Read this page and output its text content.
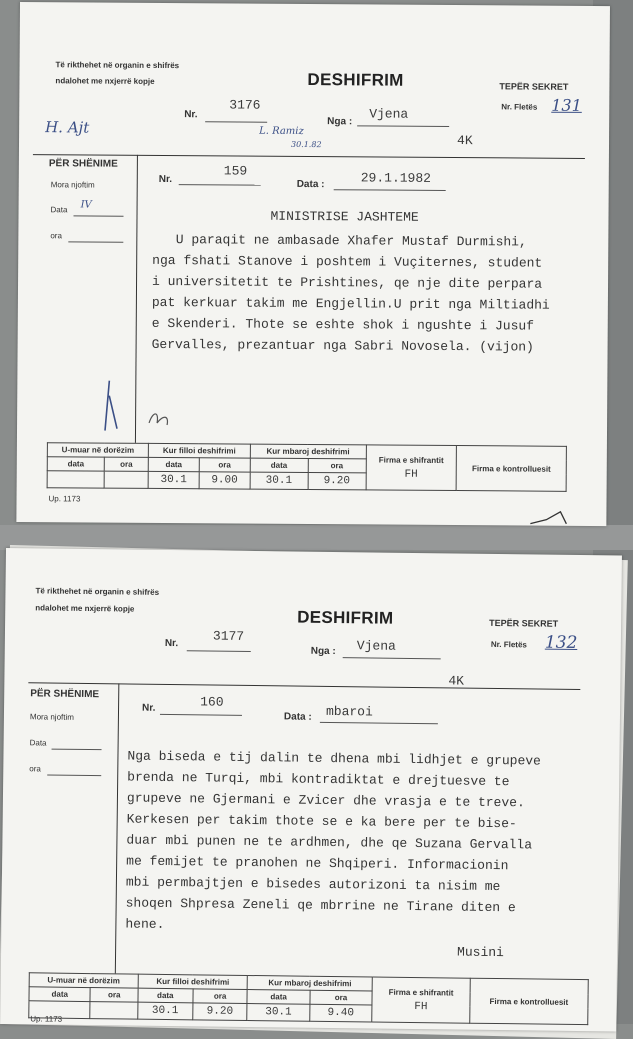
Të rikthehet në organin e shifrës
ndalohet me nxjerrë kopje	DESHIFRIM	TEPËR SEKRET
Nr.
3176
Nga :
Vjena
4K
Nr. Fletës 131
H. Ajt	L. Ramiz
30.1.82
PËR SHËNIME
Mora njoftim
Data IV
ora
Nr.
159
Data :	29.1.1982
MINISTRISE JASHTEME
U paraqit ne ambasade Xhafer Mustaf Durmishi,
nga fshati Stanove i poshtem i Vuçiternes, student
i universitetit te Prishtines, qe nje dite perpara
pat kerkuar takim me Engjellin.U prit nga Miltiadhi
e Skenderi. Thote se eshte shok i ngushte i Jusuf
Gervalles, prezantuar nga Sabri Novosela. (vijon)
U-muar në dorëzim		Kur filloi deshifrimi		Kur mbaroj deshifrimi		Firma e shifrantit
FH	Firma e kontrolluesit
data	ora	data	ora	data	ora		
		30.1	9.00	30.1	9.20		
Up. 1173
Të rikthehet në organin e shifrës
ndalohet me nxjerrë kopje	DESHIFRIM	TEPËR SEKRET
Nr.	3177
Nga : Vjena
4K
Nr. Fletës 132
PËR SHËNIME
Mora njoftim
Data
ora
Nr.	160
Data : mbaroi
Nga biseda e tij dalin te dhena mbi lidhjet e grupeve
brenda ne Turqi, mbi kontradiktat e drejtuesve te
grupeve ne Gjermani e Zvicer dhe vrasja e te treve.
Kerkesen per takim thote se e ka bere per te bise-
duar mbi punen ne te ardhmen, dhe qe Suzana Gervalla
me femijet te pranohen ne Shqiperi. Informacionin
mbi permbajtjen e bisedes autorizoni ta nisim me
shoqen Shpresa Zeneli qe mbrrine ne Tirane diten e
hene.
Musini
U-muar në dorëzim		Kur filloi deshifrimi		Kur mbaroj deshifrimi		Firma e shifrantit
FH	Firma e kontrolluesit
data	ora	data	ora	data	ora		
		30.1	9.20	30.1	9.40		
Up. 1173
